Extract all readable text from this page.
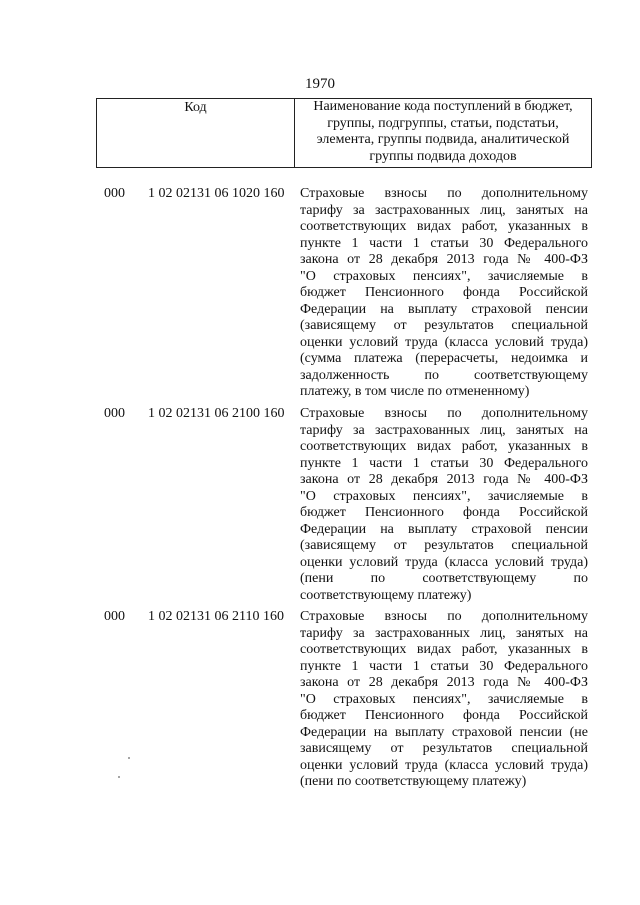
1970
Код	Наименование кода поступлений в бюджет,
группы, подгруппы, статьи, подстатьи,
элемента, группы подвида, аналитической
группы подвида доходов
000 1 02 02131 06 1020 160 Страховые взносы по дополнительному
тарифу за застрахованных лиц, занятых на
соответствующих видах работ, указанных в
пункте 1 части 1 статьи 30 Федерального
закона от 28 декабря 2013 года № 400-ФЗ
"О страховых пенсиях", зачисляемые в
бюджет Пенсионного фонда Российской
Федерации на выплату страховой пенсии
(зависящему от результатов специальной
оценки условий труда (класса условий труда)
(сумма платежа (перерасчеты, недоимка и
задолженность по соответствующему
платежу, в том числе по отмененному)
000 1 02 02131 06 2100 160 Страховые взносы по дополнительному
тарифу за застрахованных лиц, занятых на
соответствующих видах работ, указанных в
пункте 1 части 1 статьи 30 Федерального
закона от 28 декабря 2013 года № 400-ФЗ
"О страховых пенсиях", зачисляемые в
бюджет Пенсионного фонда Российской
Федерации на выплату страховой пенсии
(зависящему от результатов специальной
оценки условий труда (класса условий труда)
(пени по соответствующему по
соответствующему платежу)
000 1 02 02131 06 2110 160 Страховые взносы по дополнительному
тарифу за застрахованных лиц, занятых на
соответствующих видах работ, указанных в
пункте 1 части 1 статьи 30 Федерального
закона от 28 декабря 2013 года № 400-ФЗ
"О страховых пенсиях", зачисляемые в
бюджет Пенсионного фонда Российской
Федерации на выплату страховой пенсии (не
зависящему от результатов специальной
оценки условий труда (класса условий труда)
(пени по соответствующему платежу)
